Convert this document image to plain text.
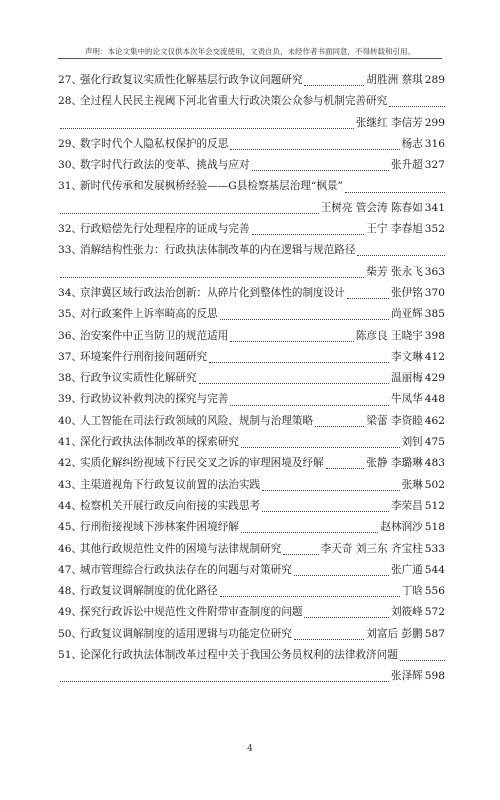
声明：本论文集中的论文仅供本次年会交流使用，文责自负，未经作者书面同意，不得转载和引用。
27、
强化行政复议实质性化解基层行政争议问题研究	胡胜洲 蔡琪 289
28、
全过程人民民主视阈下河北省重大行政决策公众参与机制完善研究
张继红 李信芳 299
29、
数字时代个人隐私权保护的反思	杨志 316
30、
数字时代行政法的变革、挑战与应对	张升超 327
31、
新时代传承和发展枫桥经验——G县检察基层治理“枫景”
王树亮 管会涛 陈春如 341
32、
行政赔偿先行处理程序的证成与完善	王宁 李春旭 352
33、
消解结构性张力：行政执法体制改革的内在逻辑与规范路径
柴芳 张永飞 363
34、
京津冀区域行政法治创新：从碎片化到整体性的制度设计	张伊铭 370
35、
对行政案件上诉率畸高的反思	尚亚辉 385
36、
治安案件中正当防卫的规范适用	陈彦良 王晓宇 398
37、
环境案件行刑衔接问题研究	李文琳 412
38、
行政争议实质性化解研究	温丽梅 429
39、
行政协议补救判决的探究与完善	牛凤华 448
40、
人工智能在司法行政领域的风险、规制与治理策略	梁蕾 李资睦 462
41、
深化行政执法体制改革的探索研究	刘钊 475
42、
实质化解纠纷视域下行民交叉之诉的审理困境及纾解	张静 李璐琳 483
43、
主渠道视角下行政复议前置的法治实践	张琳 502
44、
检察机关开展行政反向衔接的实践思考	李荣昌 512
45、
行刑衔接视域下涉林案件困境纾解	赵林润沙 518
46、
其他行政规范性文件的困境与法律规制研究	李天奇 刘三东 齐宝柱 533
47、
城市管理综合行政执法存在的问题与对策研究	张广通 544
48、
行政复议调解制度的优化路径	丁晗 556
49、
探究行政诉讼中规范性文件附带审查制度的问题	刘筱峰 572
50、
行政复议调解制度的适用逻辑与功能定位研究	刘富后 彭鹏 587
51、
论深化行政执法体制改革过程中关于我国公务员权利的法律救济问题
张泽辉 598
4
